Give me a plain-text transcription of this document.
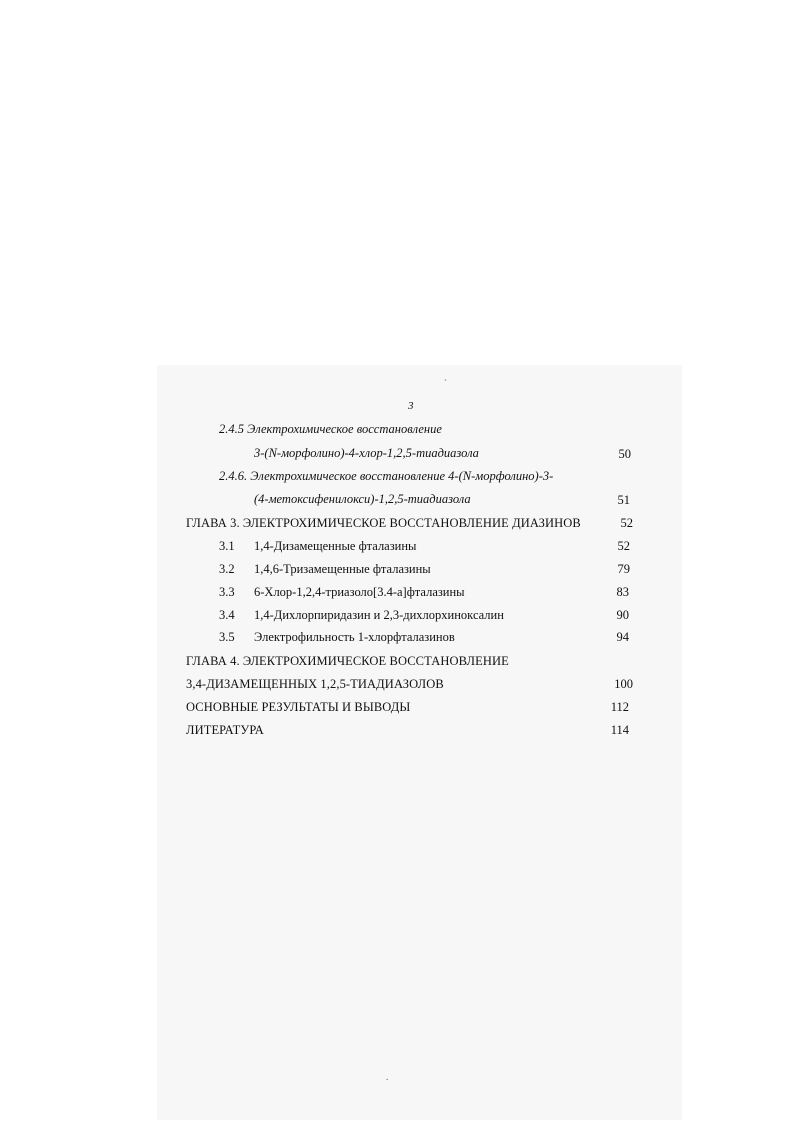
`
.
3
2.4.5 Электрохимическое восстановление
3-(N-морфолино)-4-хлор-1,2,5-тиадиазола	50
2.4.6. Электрохимическое восстановление 4-(N-морфолино)-3-
(4-метоксифенилокси)-1,2,5-тиадиазола	51
ГЛАВА 3. ЭЛЕКТРОХИМИЧЕСКОЕ ВОССТАНОВЛЕНИЕ ДИАЗИНОВ	52
3.1 1,4-Дизамещенные фталазины	52
3.2 1,4,6-Тризамещенные фталазины	79
3.3 6-Хлор-1,2,4-триазоло[3.4-а]фталазины	83
3.4 1,4-Дихлорпиридазин и 2,3-дихлорхиноксалин	90
3.5 Электрофильность 1-хлорфталазинов	94
ГЛАВА 4. ЭЛЕКТРОХИМИЧЕСКОЕ ВОССТАНОВЛЕНИЕ
3,4-ДИЗАМЕЩЕННЫХ 1,2,5-ТИАДИАЗОЛОВ	100
ОСНОВНЫЕ РЕЗУЛЬТАТЫ И ВЫВОДЫ	112
ЛИТЕРАТУРА	114
